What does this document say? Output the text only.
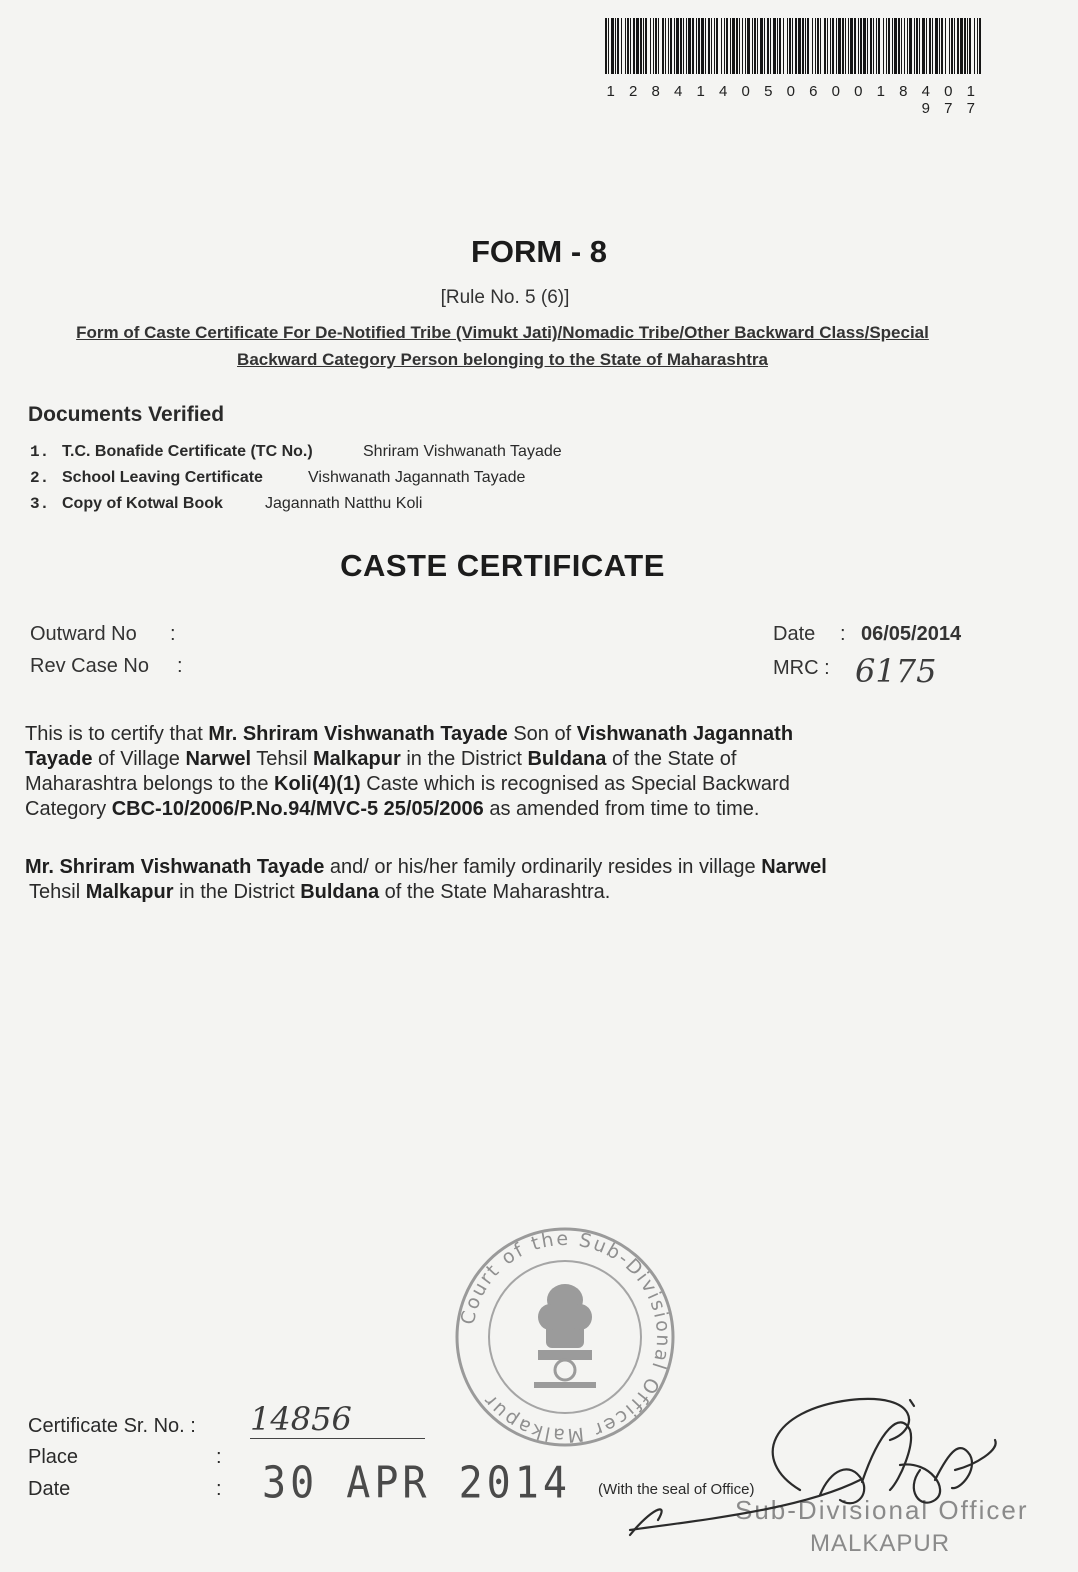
1 2 8 4 1 4 0 5 0 6 0 0 1 8 4 0 1 9 7 7
FORM - 8
[Rule No. 5 (6)]
Form of Caste Certificate For De-Notified Tribe (Vimukt Jati)/Nomadic Tribe/Other Backward Class/Special
Backward Category Person belonging to the State of Maharashtra
Documents Verified
1. T.C. Bonafide Certificate (TC No.)	Shriram Vishwanath Tayade
2. School Leaving Certificate	Vishwanath Jagannath Tayade
3. Copy of Kotwal Book	Jagannath Natthu Koli
CASTE CERTIFICATE
Outward No :
Rev Case No :
Date : 06/05/2014
MRC : 6175
This is to certify that Mr. Shriram Vishwanath Tayade Son of Vishwanath Jagannath
Tayade of Village Narwel Tehsil Malkapur in the District Buldana of the State of
Maharashtra belongs to the Koli(4)(1) Caste which is recognised as Special Backward
Category CBC-10/2006/P.No.94/MVC-5 25/05/2006 as amended from time to time.
Mr. Shriram Vishwanath Tayade and/ or his/her family ordinarily resides in village Narwel
Tehsil Malkapur in the District Buldana of the State Maharashtra.
Court of the Sub-Divisional Officer Malkapur
Certificate Sr. No. : 14856
Place	:
Date	: 30 APR 2014 (With the seal of Office)
Sub-Divisional Officer
MALKAPUR
